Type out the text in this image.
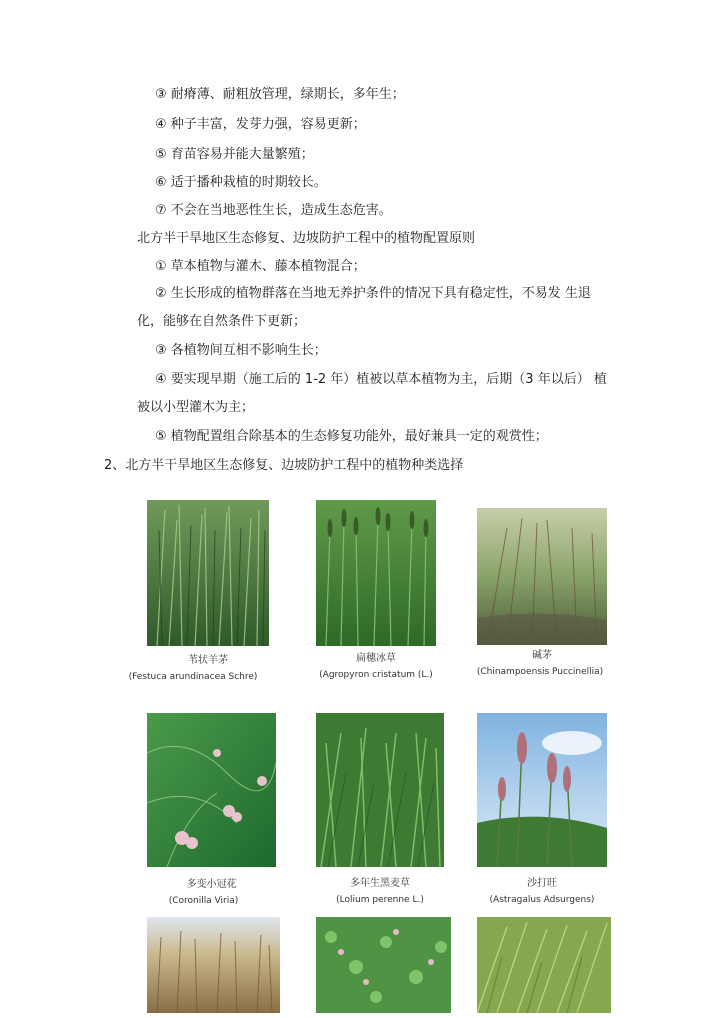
③ 耐瘠薄、耐粗放管理，绿期长，多年生；
④ 种子丰富，发芽力强，容易更新；
⑤ 育苗容易并能大量繁殖；
⑥ 适于播种栽植的时期较长。
⑦ 不会在当地恶性生长，造成生态危害。
北方半干旱地区生态修复、边坡防护工程中的植物配置原则
① 草本植物与灌木、藤本植物混合；
② 生长形成的植物群落在当地无养护条件的情况下具有稳定性，不易发 生退
化，能够在自然条件下更新；
③ 各植物间互相不影响生长；
④ 要实现早期（施工后的 1-2 年）植被以草本植物为主，后期（3 年以后） 植
被以小型灌木为主；
⑤ 植物配置组合除基本的生态修复功能外，最好兼具一定的观赏性；
2、北方半干旱地区生态修复、边坡防护工程中的植物种类选择
苇状羊茅
(Festuca arundinacea Schre)
扁穗冰草
(Agropyron cristatum (L.)
碱茅
(Chinampoensis Puccinellia)
多变小冠花
(Coronilla Viria)
多年生黑麦草
(Lolium perenne L.)
沙打旺
(Astragalus Adsurgens)
